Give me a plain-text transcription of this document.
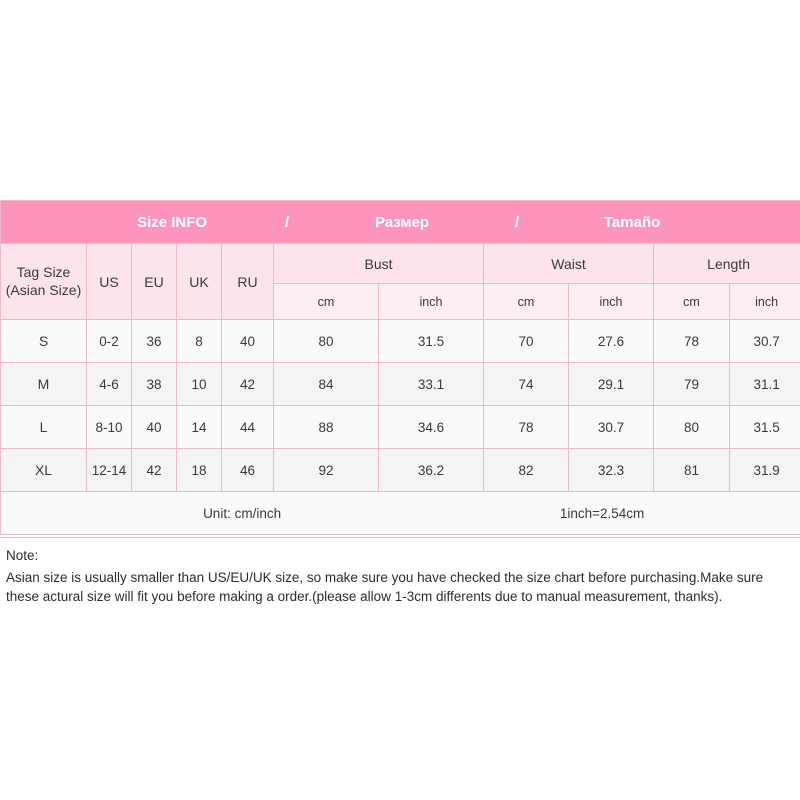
Size INFO / Размер / Tamaño										

Tag Size
(Asian Size)	US	EU	UK	RU	Bust		Waist		Length	
					cm	inch	cm	inch	cm	inch
S	0-2	36	8	40	80	31.5	70	27.6	78	30.7
M	4-6	38	10	42	84	33.1	74	29.1	79	31.1
L	8-10	40	14	44	88	34.6	78	30.7	80	31.5
XL	12-14	42	18	46	92	36.2	82	32.3	81	31.9

Unit: cm/inch 1inch=2.54cm										
Note:
Asian size is usually smaller than US/EU/UK size, so make sure you have checked the size chart before purchasing.Make sure these actural size will fit you before making a order.(please allow 1-3cm differents due to manual measurement, thanks).
